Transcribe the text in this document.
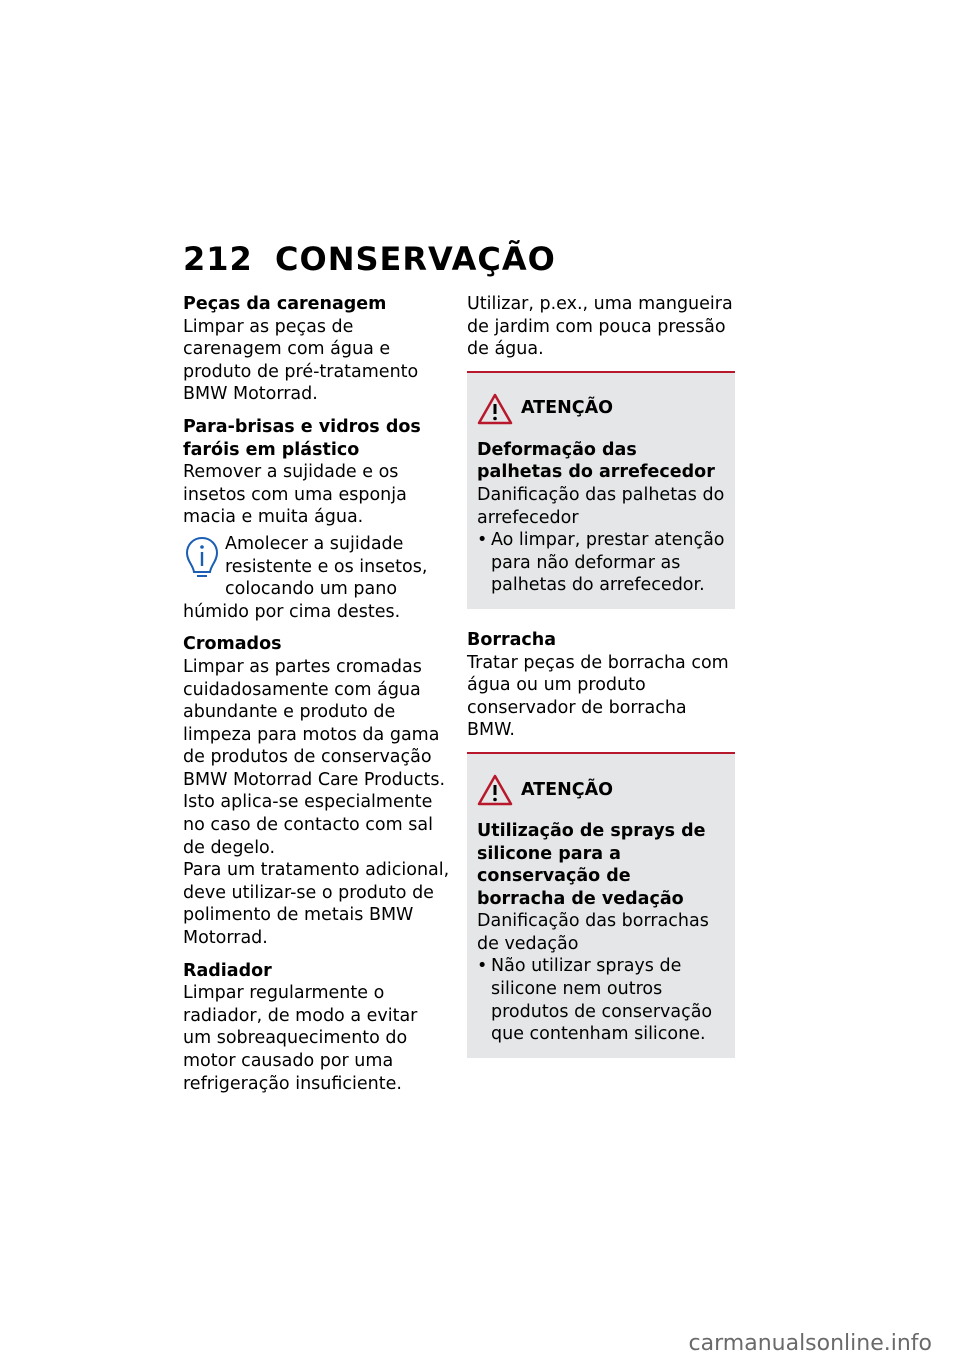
212 CONSERVAÇÃO
Peças da carenagem

Limpar as peças de carenagem com água e produto de pré-tratamento BMW Motorrad.

Para-brisas e vidros dos faróis em plástico

Remover a sujidade e os insetos com uma esponja macia e muita água.

Amolecer a sujidade resistente e os insetos, colocando um pano húmido por cima destes.

Cromados

Limpar as partes cromadas cuidadosamente com água abundante e produto de limpeza para motos da gama de produtos de conservação BMW Motorrad Care Products. Isto aplica-se especialmente no caso de contacto com sal de degelo.

Para um tratamento adicional, deve utilizar-se o produto de polimento de metais BMW Motorrad.

Radiador

Limpar regularmente o radiador, de modo a evitar um sobreaquecimento do motor causado por uma refrigeração insuficiente.

Utilizar, p.ex., uma mangueira de jardim com pouca pressão de água.

ATENÇÃO
Deformação das palhetas do arrefecedor

Danificação das palhetas do arrefecedor

• Ao limpar, prestar atenção para não deformar as palhetas do arrefecedor.
Borracha

Tratar peças de borracha com água ou um produto conservador de borracha BMW.

ATENÇÃO
Utilização de sprays de silicone para a conservação de borracha de vedação

Danificação das borrachas de vedação

• Não utilizar sprays de silicone nem outros produtos de conservação que contenham silicone.
carmanualsonline.info
